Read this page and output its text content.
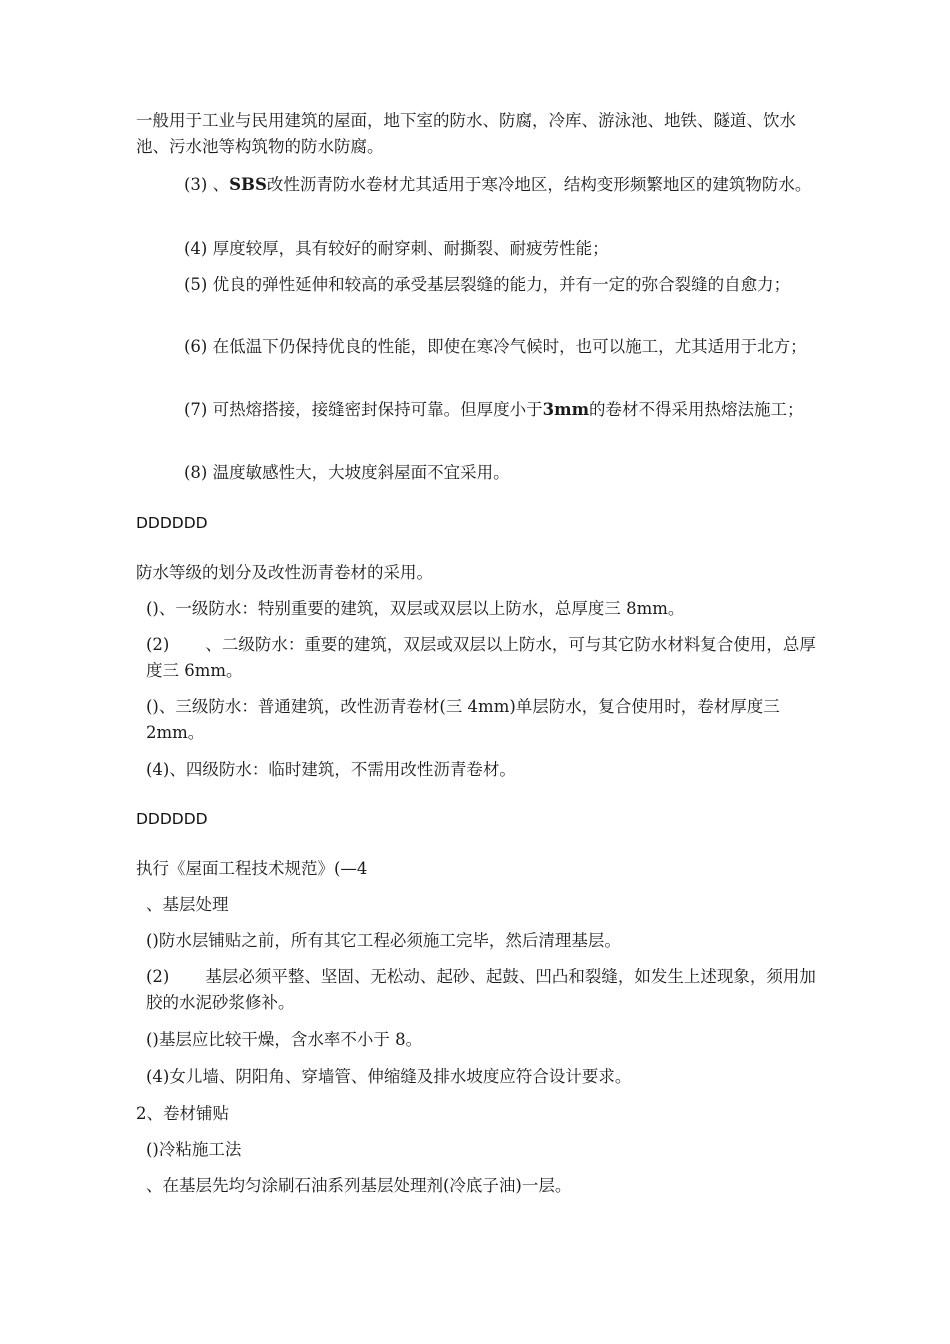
一般用于工业与民用建筑的屋面，地下室的防水、防腐，冷库、游泳池、地铁、隧道、饮水池、污水池等构筑物的防水防腐。

(3) 、SBS改性沥青防水卷材尤其适用于寒冷地区，结构变形频繁地区的建筑物防水。

(4) 厚度较厚，具有较好的耐穿刺、耐撕裂、耐疲劳性能；

(5) 优良的弹性延伸和较高的承受基层裂缝的能力，并有一定的弥合裂缝的自愈力；

(6) 在低温下仍保持优良的性能，即使在寒冷气候时，也可以施工，尤其适用于北方；

(7) 可热熔搭接，接缝密封保持可靠。但厚度小于3mm的卷材不得采用热熔法施工；

(8) 温度敏感性大，大坡度斜屋面不宜采用。

DDDDDD

防水等级的划分及改性沥青卷材的采用。

()、一级防水：特别重要的建筑，双层或双层以上防水，总厚度三 8mm。

(2) 、二级防水：重要的建筑，双层或双层以上防水，可与其它防水材料复合使用，总厚度三 6mm。

()、三级防水：普通建筑，改性沥青卷材(三 4mm)单层防水，复合使用时，卷材厚度三 2mm。

(4)、四级防水：临时建筑，不需用改性沥青卷材。

DDDDDD

执行《屋面工程技术规范》(—4

、基层处理

()防水层铺贴之前，所有其它工程必须施工完毕，然后清理基层。

(2) 基层必须平整、坚固、无松动、起砂、起鼓、凹凸和裂缝，如发生上述现象，须用加胶的水泥砂浆修补。

()基层应比较干燥，含水率不小于 8。

(4)女儿墙、阴阳角、穿墙管、伸缩缝及排水坡度应符合设计要求。

2、卷材铺贴

()冷粘施工法

、在基层先均匀涂刷石油系列基层处理剂(冷底子油)一层。
